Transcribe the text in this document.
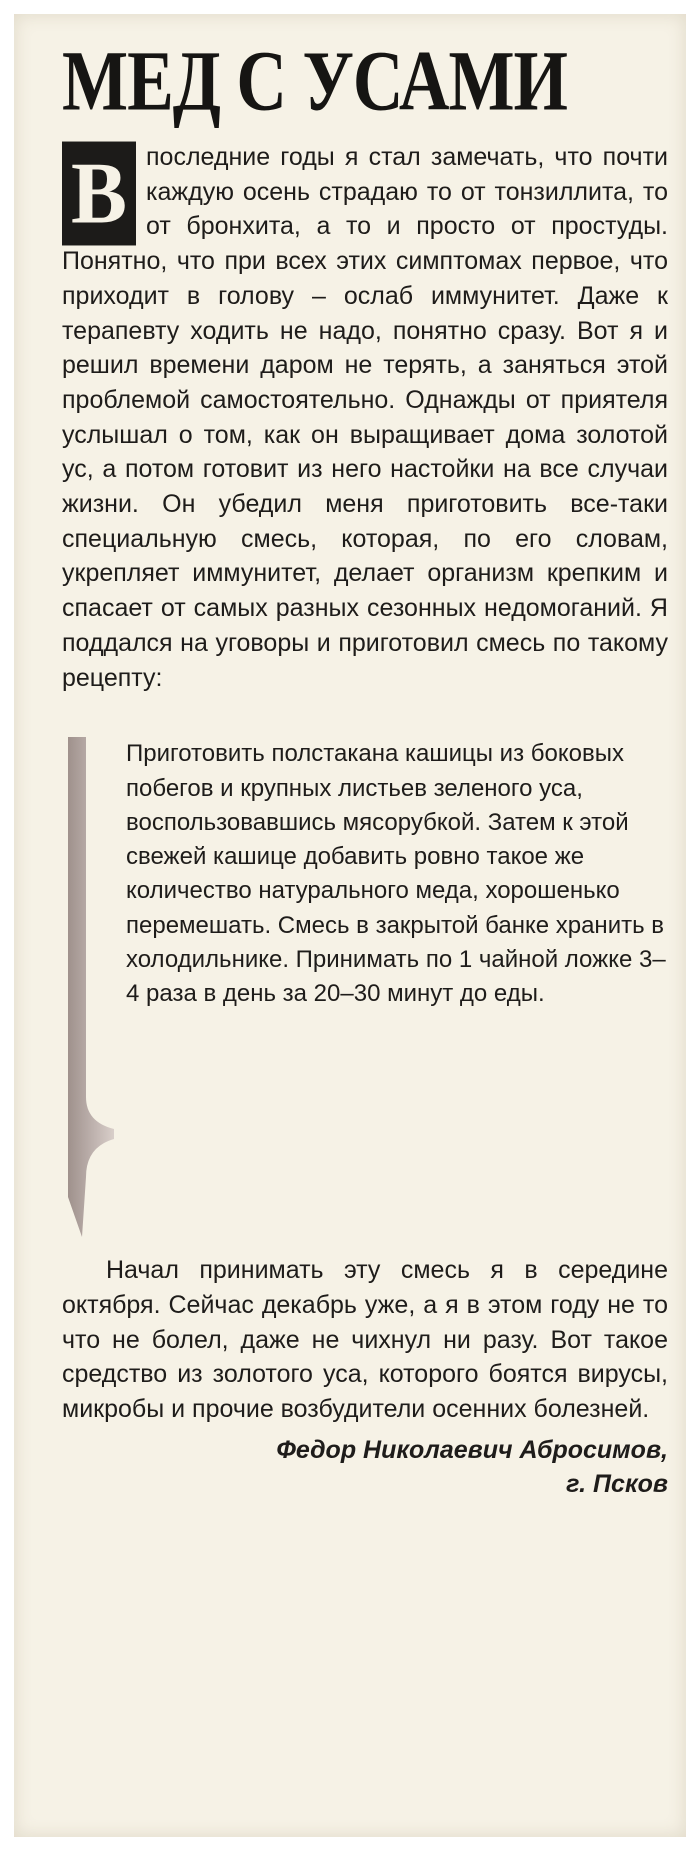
МЕД С УСАМИ

В последние годы я стал замечать, что почти каждую осень страдаю то от тонзиллита, то от бронхита, а то и просто от простуды. Понятно, что при всех этих симптомах первое, что приходит в голову – ослаб иммунитет. Даже к терапевту ходить не надо, понятно сразу. Вот я и решил времени даром не терять, а заняться этой проблемой самостоятельно. Однажды от приятеля услышал о том, как он выращивает дома золотой ус, а потом готовит из него настойки на все случаи жизни. Он убедил меня приготовить все-таки специальную смесь, которая, по его словам, укрепляет иммунитет, делает организм крепким и спасает от самых разных сезонных недомоганий. Я поддался на уговоры и приготовил смесь по такому рецепту:

Приготовить полстакана кашицы из боковых побегов и крупных листьев зеленого уса, воспользовавшись мясорубкой. Затем к этой свежей кашице добавить ровно такое же количество натурального меда, хорошенько перемешать. Смесь в закрытой банке хранить в холодильнике. Принимать по 1 чайной ложке 3–4 раза в день за 20–30 минут до еды.

Начал принимать эту смесь я в середине октября. Сейчас декабрь уже, а я в этом году не то что не болел, даже не чихнул ни разу. Вот такое средство из золотого уса, которого боятся вирусы, микробы и прочие возбудители осенних болезней.

Федор Николаевич Абросимов,
г. Псков
